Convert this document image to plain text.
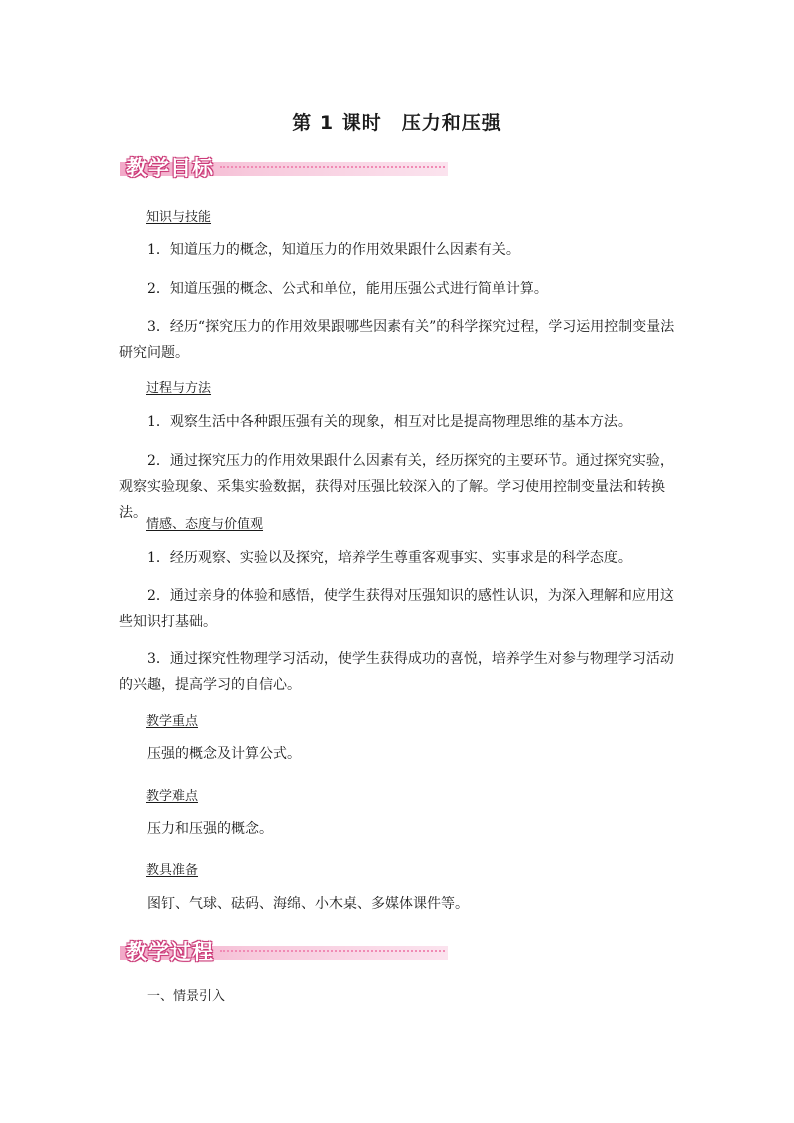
第 1 课时　压力和压强
教学目标
知识与技能
1．知道压力的概念，知道压力的作用效果跟什么因素有关。
2．知道压强的概念、公式和单位，能用压强公式进行简单计算。
3．经历“探究压力的作用效果跟哪些因素有关”的科学探究过程，学习运用控制变量法研究问题。
过程与方法
1．观察生活中各种跟压强有关的现象，相互对比是提高物理思维的基本方法。
2．通过探究压力的作用效果跟什么因素有关，经历探究的主要环节。通过探究实验，观察实验现象、采集实验数据，获得对压强比较深入的了解。学习使用控制变量法和转换法。
情感、态度与价值观
1．经历观察、实验以及探究，培养学生尊重客观事实、实事求是的科学态度。
2．通过亲身的体验和感悟，使学生获得对压强知识的感性认识，为深入理解和应用这些知识打基础。
3．通过探究性物理学习活动，使学生获得成功的喜悦，培养学生对参与物理学习活动的兴趣，提高学习的自信心。
教学重点
压强的概念及计算公式。
教学难点
压力和压强的概念。
教具准备
图钉、气球、砝码、海绵、小木桌、多媒体课件等。
教学过程
一、情景引入
